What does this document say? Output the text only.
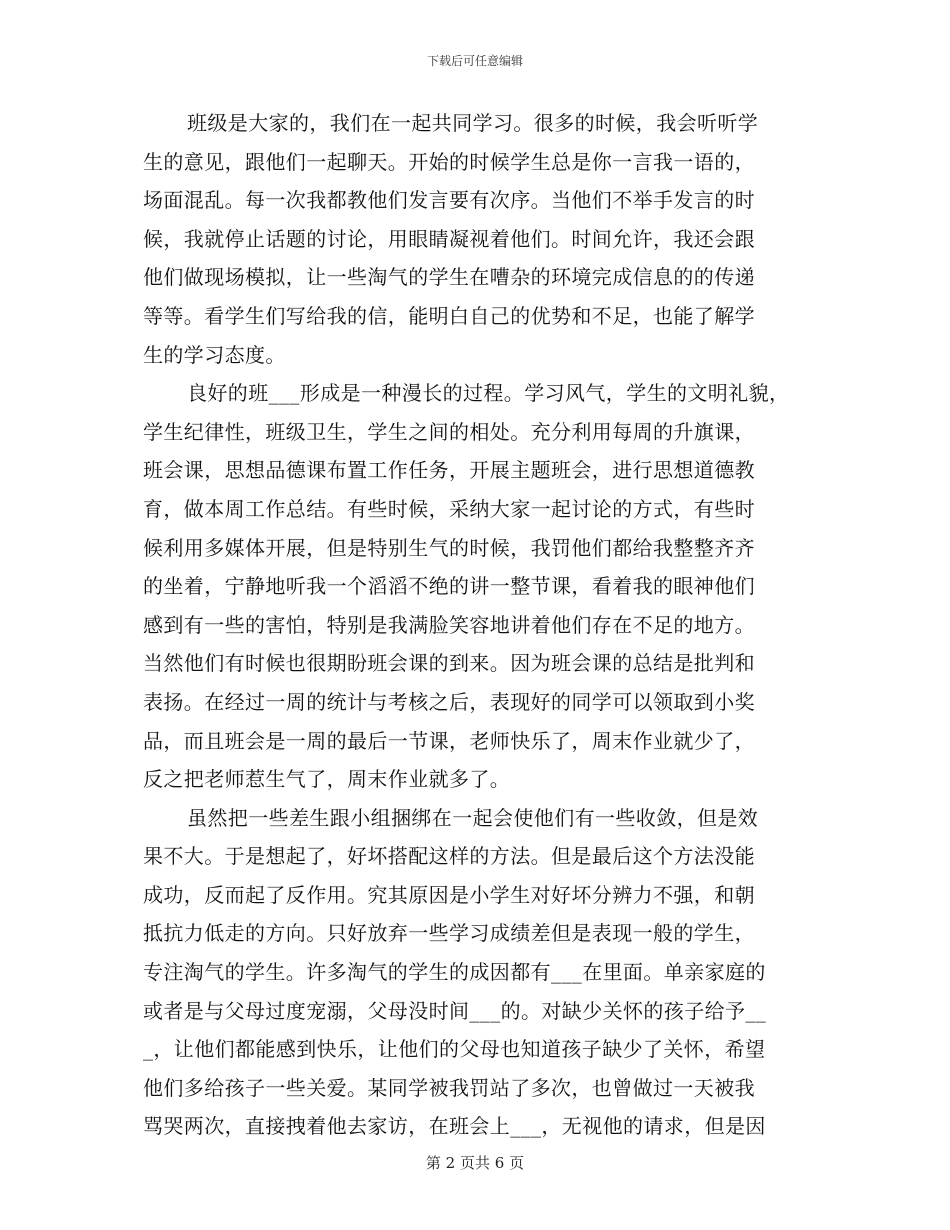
下载后可任意编辑
班级是大家的，我们在一起共同学习。很多的时候，我会听听学
生的意见，跟他们一起聊天。开始的时候学生总是你一言我一语的，
场面混乱。每一次我都教他们发言要有次序。当他们不举手发言的时
候，我就停止话题的讨论，用眼睛凝视着他们。时间允许，我还会跟
他们做现场模拟，让一些淘气的学生在嘈杂的环境完成信息的的传递
等等。看学生们写给我的信，能明白自己的优势和不足，也能了解学
生的学习态度。
良好的班___形成是一种漫长的过程。学习风气，学生的文明礼貌，
学生纪律性，班级卫生，学生之间的相处。充分利用每周的升旗课，
班会课，思想品德课布置工作任务，开展主题班会，进行思想道德教
育，做本周工作总结。有些时候，采纳大家一起讨论的方式，有些时
候利用多媒体开展，但是特别生气的时候，我罚他们都给我整整齐齐
的坐着，宁静地听我一个滔滔不绝的讲一整节课，看着我的眼神他们
感到有一些的害怕，特别是我满脸笑容地讲着他们存在不足的地方。
当然他们有时候也很期盼班会课的到来。因为班会课的总结是批判和
表扬。在经过一周的统计与考核之后，表现好的同学可以领取到小奖
品，而且班会是一周的最后一节课，老师快乐了，周末作业就少了，
反之把老师惹生气了，周末作业就多了。
虽然把一些差生跟小组捆绑在一起会使他们有一些收敛，但是效
果不大。于是想起了，好坏搭配这样的方法。但是最后这个方法没能
成功，反而起了反作用。究其原因是小学生对好坏分辨力不强，和朝
抵抗力低走的方向。只好放弃一些学习成绩差但是表现一般的学生，
专注淘气的学生。许多淘气的学生的成因都有___在里面。单亲家庭的
或者是与父母过度宠溺，父母没时间___的。对缺少关怀的孩子给予__
_，让他们都能感到快乐，让他们的父母也知道孩子缺少了关怀，希望
他们多给孩子一些关爱。某同学被我罚站了多次，也曾做过一天被我
骂哭两次，直接拽着他去家访，在班会上___，无视他的请求，但是因
第 2 页共 6 页
